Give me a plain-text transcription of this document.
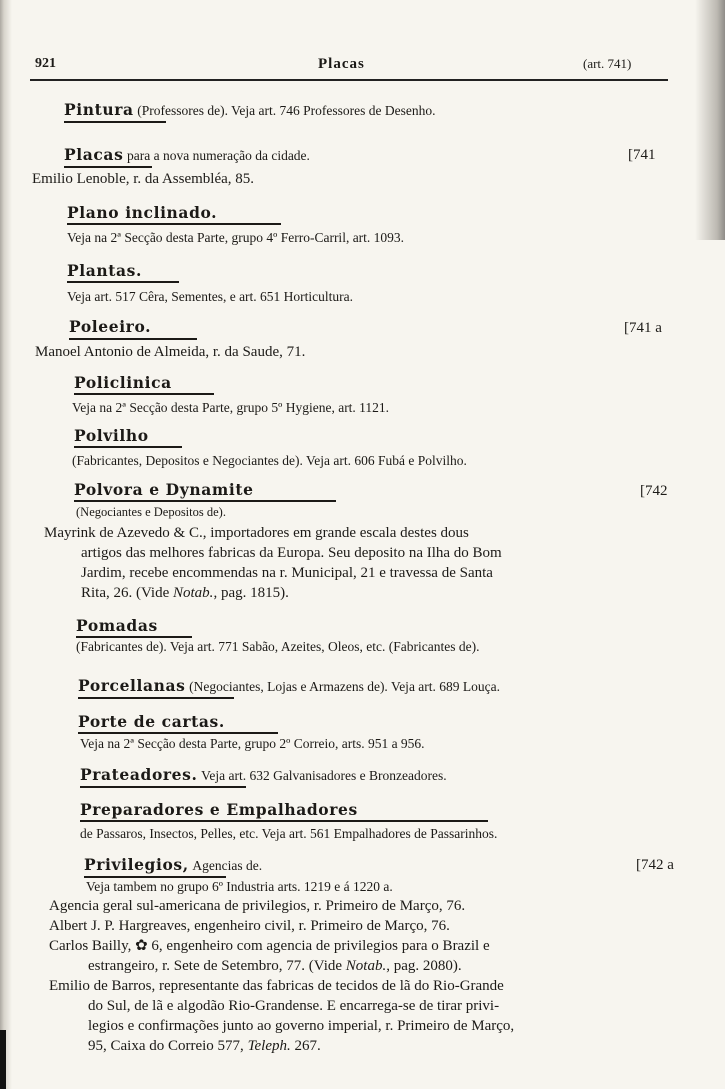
921	Placas	(art. 741)
Pintura (Professores de). Veja art. 746 Professores de Desenho.
Placas para a nova numeração da cidade.	[741
Emilio Lenoble, r. da Assembléa, 85.
Plano inclinado.
Veja na 2ª Secção desta Parte, grupo 4º Ferro-Carril, art. 1093.
Plantas.
Veja art. 517 Cêra, Sementes, e art. 651 Horticultura.
Poleeiro.	[741 a
Manoel Antonio de Almeida, r. da Saude, 71.
Policlinica
Veja na 2ª Secção desta Parte, grupo 5º Hygiene, art. 1121.
Polvilho
(Fabricantes, Depositos e Negociantes de). Veja art. 606 Fubá e Polvilho.
Polvora e Dynamite	[742
(Negociantes e Depositos de).
Mayrink de Azevedo & C., importadores em grande escala destes dous
artigos das melhores fabricas da Europa. Seu deposito na Ilha do Bom
Jardim, recebe encommendas na r. Municipal, 21 e travessa de Santa
Rita, 26. (Vide Notab., pag. 1815).
Pomadas
(Fabricantes de). Veja art. 771 Sabão, Azeites, Oleos, etc. (Fabricantes de).
Porcellanas (Negociantes, Lojas e Armazens de). Veja art. 689 Louça.
Porte de cartas.
Veja na 2ª Secção desta Parte, grupo 2º Correio, arts. 951 a 956.
Prateadores. Veja art. 632 Galvanisadores e Bronzeadores.
Preparadores e Empalhadores
de Passaros, Insectos, Pelles, etc. Veja art. 561 Empalhadores de Passarinhos.
Privilegios, Agencias de.	[742 a
Veja tambem no grupo 6º Industria arts. 1219 e á 1220 a.
Agencia geral sul-americana de privilegios, r. Primeiro de Março, 76.
Albert J. P. Hargreaves, engenheiro civil, r. Primeiro de Março, 76.
Carlos Bailly, ✿ 6, engenheiro com agencia de privilegios para o Brazil e
estrangeiro, r. Sete de Setembro, 77. (Vide Notab., pag. 2080).
Emilio de Barros, representante das fabricas de tecidos de lã do Rio-Grande
do Sul, de lã e algodão Rio-Grandense. E encarrega-se de tirar privi-
legios e confirmações junto ao governo imperial, r. Primeiro de Março,
95, Caixa do Correio 577, Teleph. 267.
